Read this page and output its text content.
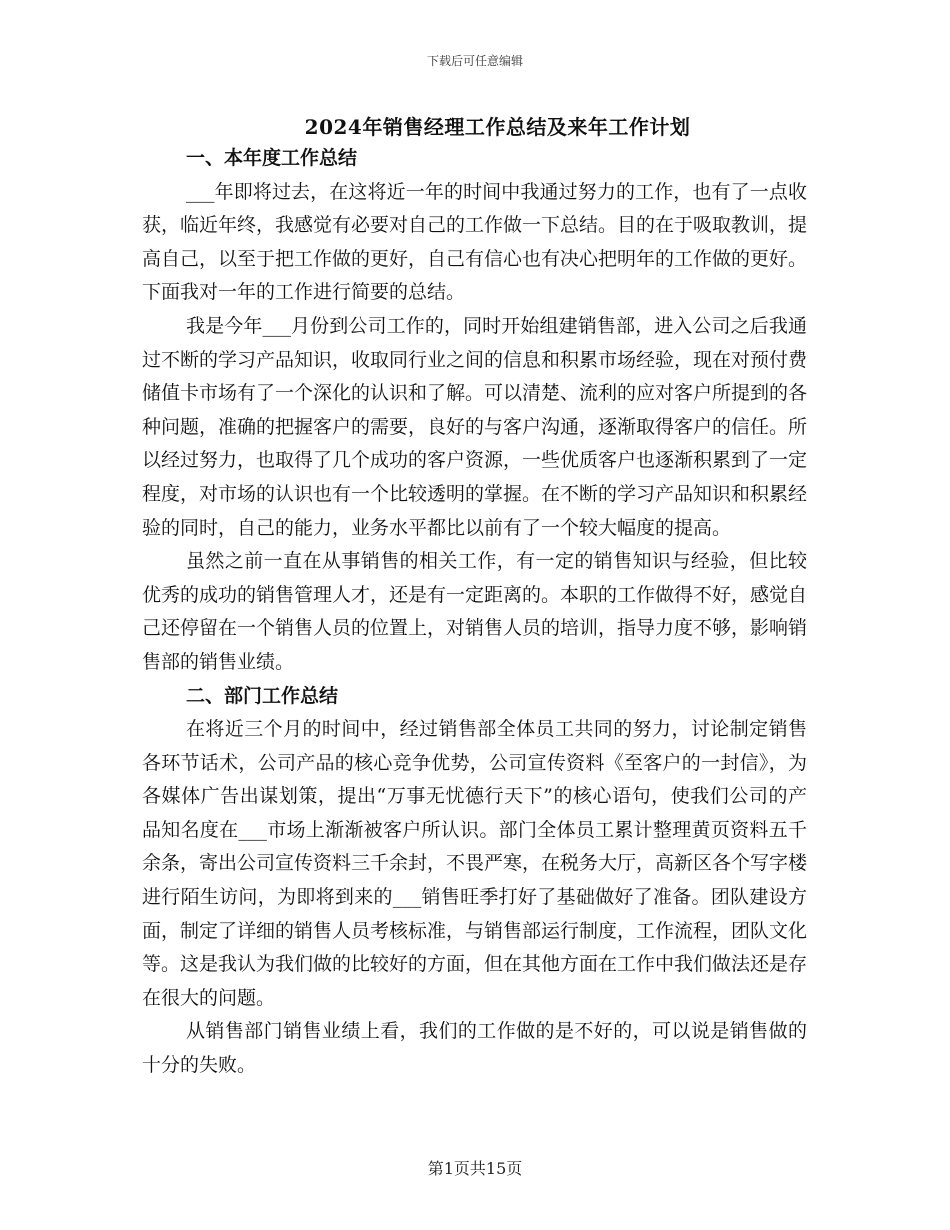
下载后可任意编辑
2024年销售经理工作总结及来年工作计划
一、本年度工作总结

___年即将过去，在这将近一年的时间中我通过努力的工作，也有了一点收获，临近年终，我感觉有必要对自己的工作做一下总结。目的在于吸取教训，提高自己，以至于把工作做的更好，自己有信心也有决心把明年的工作做的更好。下面我对一年的工作进行简要的总结。

我是今年___月份到公司工作的，同时开始组建销售部，进入公司之后我通过不断的学习产品知识，收取同行业之间的信息和积累市场经验，现在对预付费储值卡市场有了一个深化的认识和了解。可以清楚、流利的应对客户所提到的各种问题，准确的把握客户的需要，良好的与客户沟通，逐渐取得客户的信任。所以经过努力，也取得了几个成功的客户资源，一些优质客户也逐渐积累到了一定程度，对市场的认识也有一个比较透明的掌握。在不断的学习产品知识和积累经验的同时，自己的能力，业务水平都比以前有了一个较大幅度的提高。

虽然之前一直在从事销售的相关工作，有一定的销售知识与经验，但比较优秀的成功的销售管理人才，还是有一定距离的。本职的工作做得不好，感觉自己还停留在一个销售人员的位置上，对销售人员的培训，指导力度不够，影响销售部的销售业绩。

二、部门工作总结

在将近三个月的时间中，经过销售部全体员工共同的努力，讨论制定销售各环节话术，公司产品的核心竞争优势，公司宣传资料《至客户的一封信》，为各媒体广告出谋划策，提出“万事无忧德行天下”的核心语句，使我们公司的产品知名度在___市场上渐渐被客户所认识。部门全体员工累计整理黄页资料五千余条，寄出公司宣传资料三千余封，不畏严寒，在税务大厅，高新区各个写字楼进行陌生访问，为即将到来的___销售旺季打好了基础做好了准备。团队建设方面，制定了详细的销售人员考核标准，与销售部运行制度，工作流程，团队文化等。这是我认为我们做的比较好的方面，但在其他方面在工作中我们做法还是存在很大的问题。

从销售部门销售业绩上看，我们的工作做的是不好的，可以说是销售做的十分的失败。

第1页共15页
